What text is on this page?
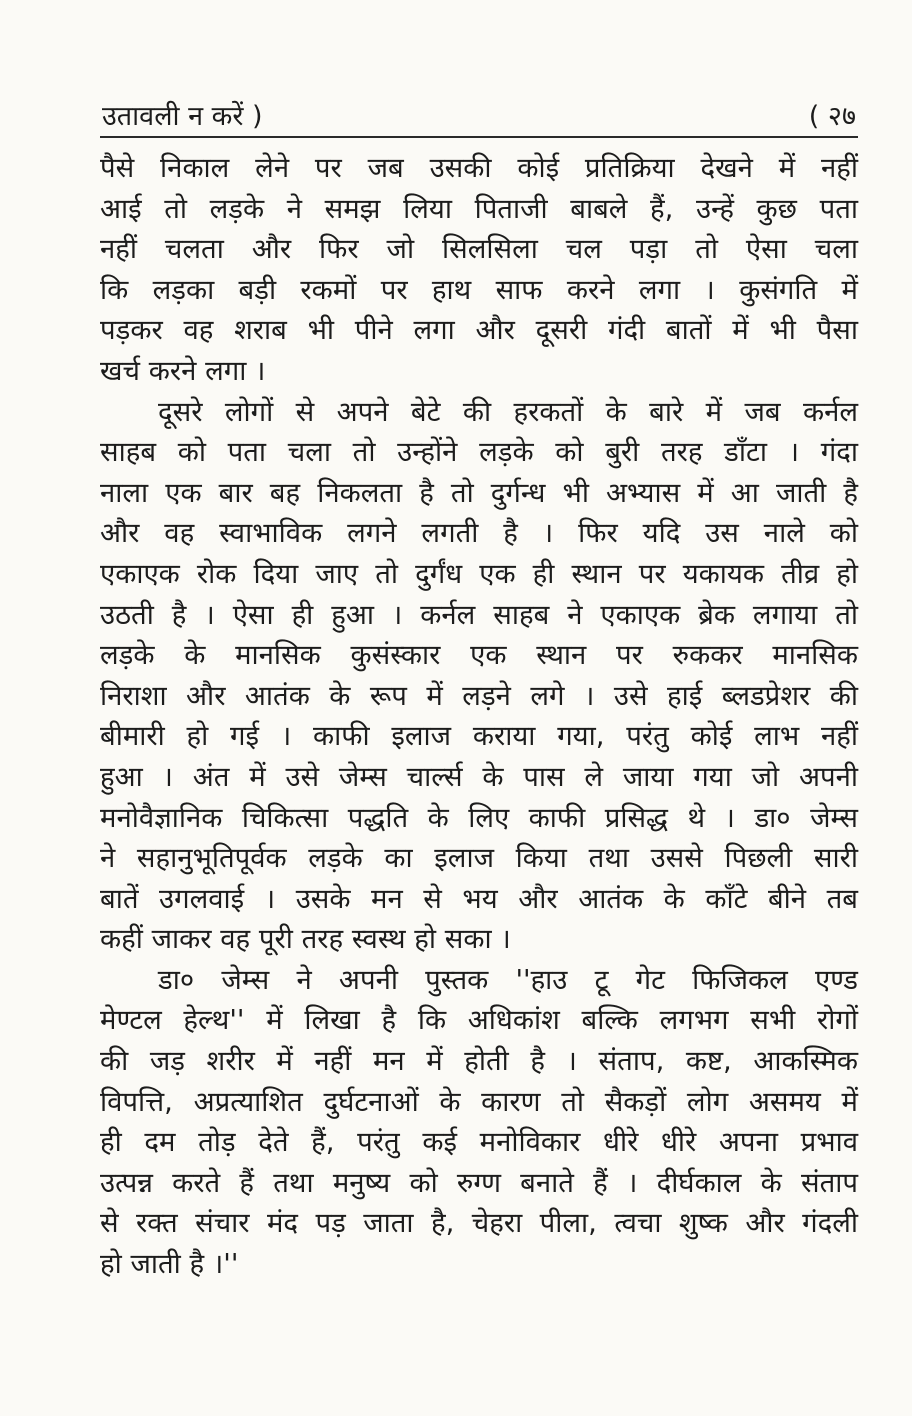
उतावली न करें )	( २७
पैसे निकाल लेने पर जब उसकी कोई प्रतिक्रिया देखने में नहीं
आई तो लड़के ने समझ लिया पिताजी बाबले हैं, उन्हें कुछ पता
नहीं चलता और फिर जो सिलसिला चल पड़ा तो ऐसा चला
कि लड़का बड़ी रकमों पर हाथ साफ करने लगा । कुसंगति में
पड़कर वह शराब भी पीने लगा और दूसरी गंदी बातों में भी पैसा
खर्च करने लगा ।
दूसरे लोगों से अपने बेटे की हरकतों के बारे में जब कर्नल
साहब को पता चला तो उन्होंने लड़के को बुरी तरह डाँटा । गंदा
नाला एक बार बह निकलता है तो दुर्गन्ध भी अभ्यास में आ जाती है
और वह स्वाभाविक लगने लगती है । फिर यदि उस नाले को
एकाएक रोक दिया जाए तो दुर्गंध एक ही स्थान पर यकायक तीव्र हो
उठती है । ऐसा ही हुआ । कर्नल साहब ने एकाएक ब्रेक लगाया तो
लड़के के मानसिक कुसंस्कार एक स्थान पर रुककर मानसिक
निराशा और आतंक के रूप में लड़ने लगे । उसे हाई ब्लडप्रेशर की
बीमारी हो गई । काफी इलाज कराया गया, परंतु कोई लाभ नहीं
हुआ । अंत में उसे जेम्स चार्ल्स के पास ले जाया गया जो अपनी
मनोवैज्ञानिक चिकित्सा पद्धति के लिए काफी प्रसिद्ध थे । डा० जेम्स
ने सहानुभूतिपूर्वक लड़के का इलाज किया तथा उससे पिछली सारी
बातें उगलवाई । उसके मन से भय और आतंक के काँटे बीने तब
कहीं जाकर वह पूरी तरह स्वस्थ हो सका ।
डा० जेम्स ने अपनी पुस्तक ''हाउ टू गेट फिजिकल एण्ड
मेण्टल हेल्थ'' में लिखा है कि अधिकांश बल्कि लगभग सभी रोगों
की जड़ शरीर में नहीं मन में होती है । संताप, कष्ट, आकस्मिक
विपत्ति, अप्रत्याशित दुर्घटनाओं के कारण तो सैकड़ों लोग असमय में
ही दम तोड़ देते हैं, परंतु कई मनोविकार धीरे धीरे अपना प्रभाव
उत्पन्न करते हैं तथा मनुष्य को रुग्ण बनाते हैं । दीर्घकाल के संताप
से रक्त संचार मंद पड़ जाता है, चेहरा पीला, त्वचा शुष्क और गंदली
हो जाती है ।''
